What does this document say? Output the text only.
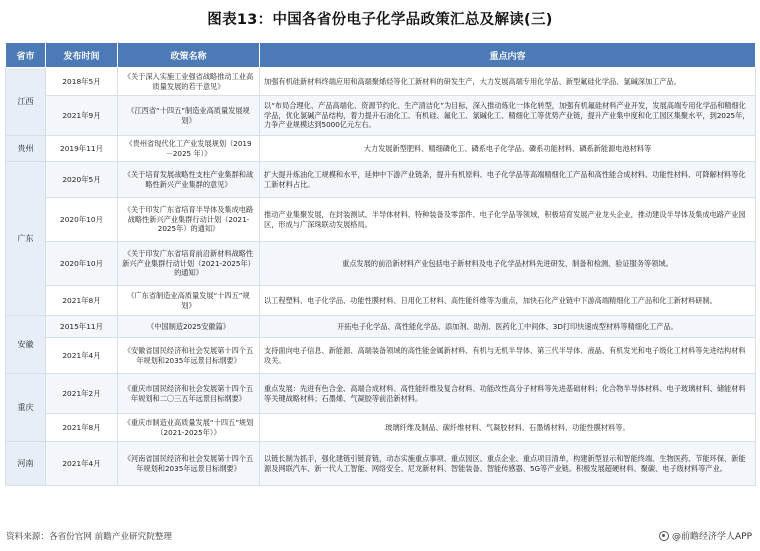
图表13：中国各省份电子化学品政策汇总及解读(三)
省市	发布时间	政策名称	重点内容
江西	2018年5月	《关于深入实施工业强省战略推动工业高质量发展的若干意见》	加强有机硅新材料终端应用和高端聚烯烃等化工新材料的研发生产，大力发展高端专用化学品、新型氟硅化学品、氯碱深加工产品。
	2021年9月	《江西省“十四五”制造业高质量发展规划》	以“布局合理化、产品高端化、资源节约化、生产清洁化”为目标，深入推动炼化一体化转型，加强有机氟硅材料产业开发，发展高端专用化学品和精细化学品，优化氯碱产品结构，着力提升石油化工、有机硅、氟化工、氯碱化工、精细化工等优势产业链，提升产业集中度和化工园区集聚水平，到2025年，力争产业规模达到5000亿元左右。
贵州	2019年11月	《贵州省现代化工产业发展规划（2019－2025 年）》	大力发展新型肥料、精细磷化工、磷系电子化学品、磷系功能材料、磷系新能源电池材料等
广东	2020年5月	《关于培育发展战略性支柱产业集群和战略性新兴产业集群的意见》	扩大提升炼油化工规模和水平，延伸中下游产业链条，提升有机原料、电子化学品等高端精细化工产品和高性能合成材料、功能性材料、可降解材料等化工新材料占比。
	2020年10月	《关于印发广东省培育半导体及集成电路战略性新兴产业集群行动计划（2021-2025年）的通知》	推动产业集聚发展，在封装测试、半导体材料、特种装备及零部件、电子化学品等领域，积极培育发展产业龙头企业，推动建设半导体及集成电路产业园区，形成与广深珠联动发展格局。
	2020年10月	《关于印发广东省培育前沿新材料战略性新兴产业集群行动计划（2021-2025年）的通知》	重点发展的前沿新材料产业包括电子新材料及电子化学品材料先进研发、制备和检测、验证服务等领域。
	2021年8月	《广东省制造业高质量发展“十四五”规划》	以工程塑料、电子化学品、功能性膜材料、日用化工材料、高性能纤维等为重点，加快石化产业链中下游高端精细化工产品和化工新材料研制。
安徽	2015年11月	《中国制造2025安徽篇》	开拓电子化学品、高性能化学品、添加剂、助剂、医药化工中间体、3D打印快速成型材料等精细化工产品。
	2021年4月	《安徽省国民经济和社会发展第十四个五年规划和2035年远景目标纲要》	支持面向电子信息、新能源、高端装备领域的高性能金属新材料、有机与无机半导体、第三代半导体、液晶、有机发光和电子级化工材料等先进结构材料攻关。
重庆	2021年2月	《重庆市国民经济和社会发展第十四个五年规划和二〇三五年远景目标纲要》	重点发展：先进有色合金、高端合成材料、高性能纤维及复合材料、功能改性高分子材料等先进基础材料；化合物半导体材料、电子玻璃材料、储能材料等关键战略材料；石墨烯、气凝胶等前沿新材料。
	2021年8月	《重庆市制造业高质量发展“十四五”规划（2021-2025年）》	玻璃纤维及制品、碳纤维材料、气凝胶材料、石墨烯材料、功能性膜材料等。
河南	2021年4月	《河南省国民经济和社会发展第十四个五年规划和2035年远景目标纲要》	以链长制为抓手，强化建链引链育链，动态实施重点事项、重点园区、重点企业、重点项目清单，构建新型显示和智能终端、生物医药、节能环保、新能源及网联汽车、新一代人工智能、网络安全、尼龙新材料、智能装备、智能传感器、5G等产业链。积极发展超硬材料、聚碳、电子级材料等产业。
资料来源：各省份官网 前瞻产业研究院整理	@前瞻经济学人APP
